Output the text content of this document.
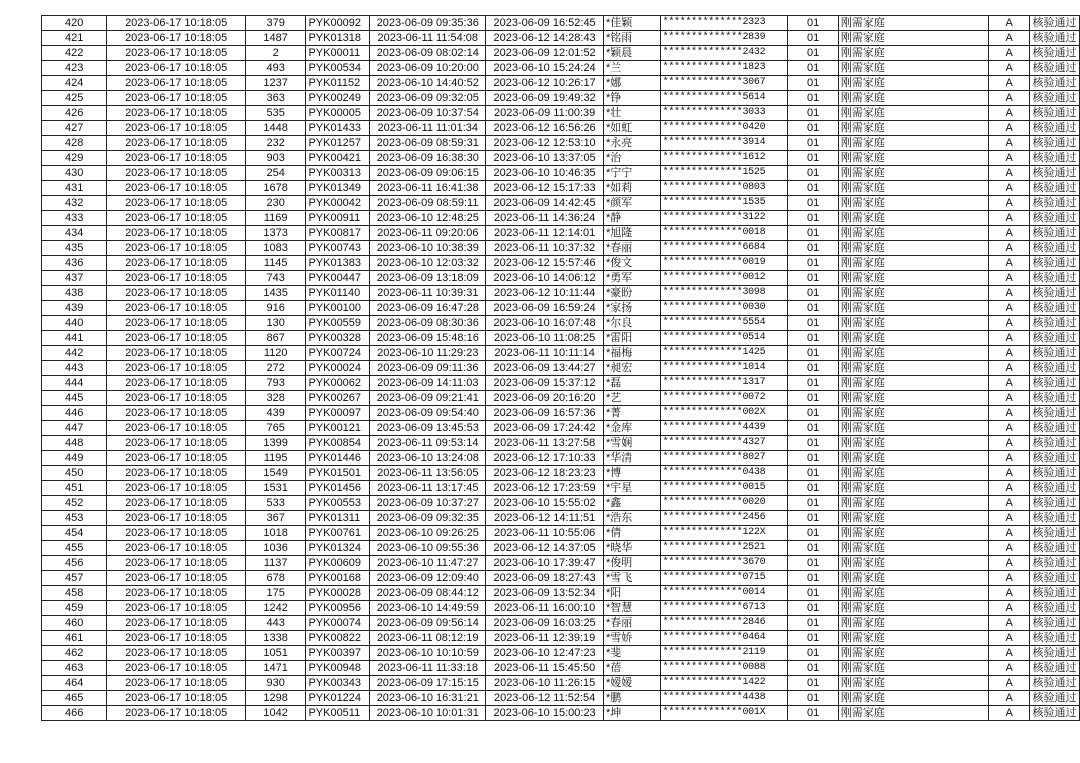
420	2023-06-17 10:18:05	379	PYK00092	2023-06-09 09:35:36	2023-06-09 16:52:45	*佳颖	**************2323	01	刚需家庭	A	核验通过
421	2023-06-17 10:18:05	1487	PYK01318	2023-06-11 11:54:08	2023-06-12 14:28:43	*铭雨	**************2839	01	刚需家庭	A	核验通过
422	2023-06-17 10:18:05	2	PYK00011	2023-06-09 08:02:14	2023-06-09 12:01:52	*颖晨	**************2432	01	刚需家庭	A	核验通过
423	2023-06-17 10:18:05	493	PYK00534	2023-06-09 10:20:00	2023-06-10 15:24:24	*兰	**************1823	01	刚需家庭	A	核验通过
424	2023-06-17 10:18:05	1237	PYK01152	2023-06-10 14:40:52	2023-06-12 10:26:17	*娜	**************3067	01	刚需家庭	A	核验通过
425	2023-06-17 10:18:05	363	PYK00249	2023-06-09 09:32:05	2023-06-09 19:49:32	*铮	**************5614	01	刚需家庭	A	核验通过
426	2023-06-17 10:18:05	535	PYK00005	2023-06-09 10:37:54	2023-06-09 11:00:39	*壮	**************3033	01	刚需家庭	A	核验通过
427	2023-06-17 10:18:05	1448	PYK01433	2023-06-11 11:01:34	2023-06-12 16:56:26	*如虹	**************0420	01	刚需家庭	A	核验通过
428	2023-06-17 10:18:05	232	PYK01257	2023-06-09 08:59:31	2023-06-12 12:53:10	*永亮	**************3914	01	刚需家庭	A	核验通过
429	2023-06-17 10:18:05	903	PYK00421	2023-06-09 16:38:30	2023-06-10 13:37:05	*治	**************1612	01	刚需家庭	A	核验通过
430	2023-06-17 10:18:05	254	PYK00313	2023-06-09 09:06:15	2023-06-10 10:46:35	*宁宁	**************1525	01	刚需家庭	A	核验通过
431	2023-06-17 10:18:05	1678	PYK01349	2023-06-11 16:41:38	2023-06-12 15:17:33	*如莉	**************0803	01	刚需家庭	A	核验通过
432	2023-06-17 10:18:05	230	PYK00042	2023-06-09 08:59:11	2023-06-09 14:42:45	*颜军	**************1535	01	刚需家庭	A	核验通过
433	2023-06-17 10:18:05	1169	PYK00911	2023-06-10 12:48:25	2023-06-11 14:36:24	*静	**************3122	01	刚需家庭	A	核验通过
434	2023-06-17 10:18:05	1373	PYK00817	2023-06-11 09:20:06	2023-06-11 12:14:01	*旭隆	**************0018	01	刚需家庭	A	核验通过
435	2023-06-17 10:18:05	1083	PYK00743	2023-06-10 10:38:39	2023-06-11 10:37:32	*春丽	**************6684	01	刚需家庭	A	核验通过
436	2023-06-17 10:18:05	1145	PYK01383	2023-06-10 12:03:32	2023-06-12 15:57:46	*俊文	**************0019	01	刚需家庭	A	核验通过
437	2023-06-17 10:18:05	743	PYK00447	2023-06-09 13:18:09	2023-06-10 14:06:12	*勇军	**************0012	01	刚需家庭	A	核验通过
438	2023-06-17 10:18:05	1435	PYK01140	2023-06-11 10:39:31	2023-06-12 10:11:44	*豪盼	**************3098	01	刚需家庭	A	核验通过
439	2023-06-17 10:18:05	916	PYK00100	2023-06-09 16:47:28	2023-06-09 16:59:24	*家扬	**************0030	01	刚需家庭	A	核验通过
440	2023-06-17 10:18:05	130	PYK00559	2023-06-09 08:30:36	2023-06-10 16:07:48	*尔良	**************5554	01	刚需家庭	A	核验通过
441	2023-06-17 10:18:05	867	PYK00328	2023-06-09 15:48:16	2023-06-10 11:08:25	*雷阳	**************0514	01	刚需家庭	A	核验通过
442	2023-06-17 10:18:05	1120	PYK00724	2023-06-10 11:29:23	2023-06-11 10:11:14	*福梅	**************1425	01	刚需家庭	A	核验通过
443	2023-06-17 10:18:05	272	PYK00024	2023-06-09 09:11:36	2023-06-09 13:44:27	*昶宏	**************1014	01	刚需家庭	A	核验通过
444	2023-06-17 10:18:05	793	PYK00062	2023-06-09 14:11:03	2023-06-09 15:37:12	*磊	**************1317	01	刚需家庭	A	核验通过
445	2023-06-17 10:18:05	328	PYK00267	2023-06-09 09:21:41	2023-06-09 20:16:20	*艺	**************0072	01	刚需家庭	A	核验通过
446	2023-06-17 10:18:05	439	PYK00097	2023-06-09 09:54:40	2023-06-09 16:57:36	*菁	**************002X	01	刚需家庭	A	核验通过
447	2023-06-17 10:18:05	765	PYK00121	2023-06-09 13:45:53	2023-06-09 17:24:42	*金库	**************4439	01	刚需家庭	A	核验通过
448	2023-06-17 10:18:05	1399	PYK00854	2023-06-11 09:53:14	2023-06-11 13:27:58	*雪娴	**************4327	01	刚需家庭	A	核验通过
449	2023-06-17 10:18:05	1195	PYK01446	2023-06-10 13:24:08	2023-06-12 17:10:33	*华清	**************8027	01	刚需家庭	A	核验通过
450	2023-06-17 10:18:05	1549	PYK01501	2023-06-11 13:56:05	2023-06-12 18:23:23	*博	**************0438	01	刚需家庭	A	核验通过
451	2023-06-17 10:18:05	1531	PYK01456	2023-06-11 13:17:45	2023-06-12 17:23:59	*宇星	**************0015	01	刚需家庭	A	核验通过
452	2023-06-17 10:18:05	533	PYK00553	2023-06-09 10:37:27	2023-06-10 15:55:02	*鑫	**************0020	01	刚需家庭	A	核验通过
453	2023-06-17 10:18:05	367	PYK01311	2023-06-09 09:32:35	2023-06-12 14:11:51	*浩东	**************2456	01	刚需家庭	A	核验通过
454	2023-06-17 10:18:05	1018	PYK00761	2023-06-10 09:26:25	2023-06-11 10:55:06	*倩	**************122X	01	刚需家庭	A	核验通过
455	2023-06-17 10:18:05	1036	PYK01324	2023-06-10 09:55:36	2023-06-12 14:37:05	*晓华	**************2521	01	刚需家庭	A	核验通过
456	2023-06-17 10:18:05	1137	PYK00609	2023-06-10 11:47:27	2023-06-10 17:39:47	*俊明	**************3670	01	刚需家庭	A	核验通过
457	2023-06-17 10:18:05	678	PYK00168	2023-06-09 12:09:40	2023-06-09 18:27:43	*雪飞	**************0715	01	刚需家庭	A	核验通过
458	2023-06-17 10:18:05	175	PYK00028	2023-06-09 08:44:12	2023-06-09 13:52:34	*阳	**************0014	01	刚需家庭	A	核验通过
459	2023-06-17 10:18:05	1242	PYK00956	2023-06-10 14:49:59	2023-06-11 16:00:10	*智慧	**************6713	01	刚需家庭	A	核验通过
460	2023-06-17 10:18:05	443	PYK00074	2023-06-09 09:56:14	2023-06-09 16:03:25	*春丽	**************2846	01	刚需家庭	A	核验通过
461	2023-06-17 10:18:05	1338	PYK00822	2023-06-11 08:12:19	2023-06-11 12:39:19	*雪娇	**************0464	01	刚需家庭	A	核验通过
462	2023-06-17 10:18:05	1051	PYK00397	2023-06-10 10:10:59	2023-06-10 12:47:23	*斐	**************2119	01	刚需家庭	A	核验通过
463	2023-06-17 10:18:05	1471	PYK00948	2023-06-11 11:33:18	2023-06-11 15:45:50	*蓓	**************0088	01	刚需家庭	A	核验通过
464	2023-06-17 10:18:05	930	PYK00343	2023-06-09 17:15:15	2023-06-10 11:26:15	*嫒嫒	**************1422	01	刚需家庭	A	核验通过
465	2023-06-17 10:18:05	1298	PYK01224	2023-06-10 16:31:21	2023-06-12 11:52:54	*鹏	**************4438	01	刚需家庭	A	核验通过
466	2023-06-17 10:18:05	1042	PYK00511	2023-06-10 10:01:31	2023-06-10 15:00:23	*坤	**************001X	01	刚需家庭	A	核验通过
